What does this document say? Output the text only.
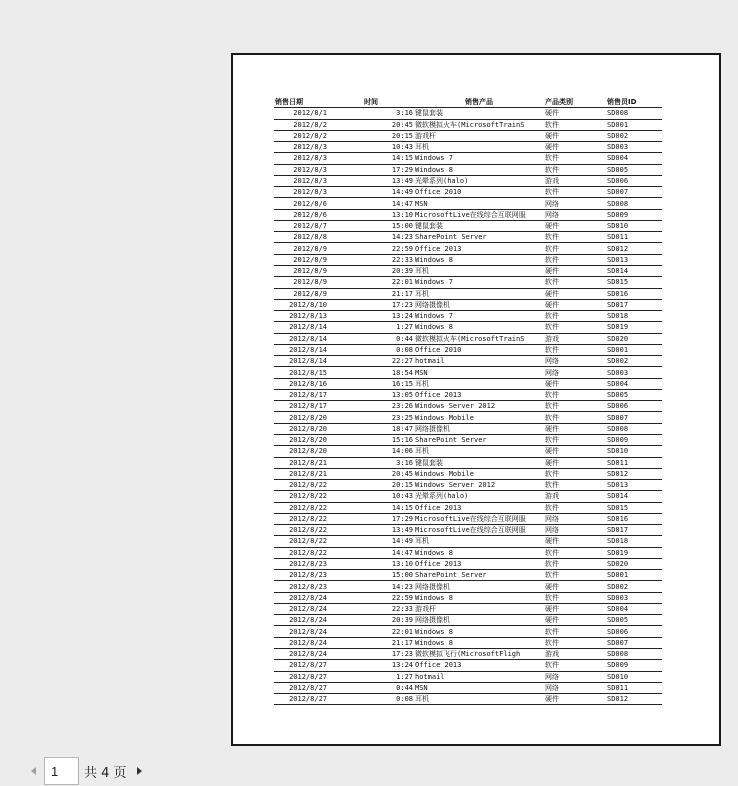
销售日期	时间	销售产品	产品类别	销售员ID
2012/8/1	3:16	键鼠套装	硬件	SD008
2012/8/2	20:45	微软模拟火车(MicrosoftTrainS	软件	SD001
2012/8/2	20:15	游戏杆	硬件	SD002
2012/8/3	10:43	耳机	硬件	SD003
2012/8/3	14:15	Windows 7	软件	SD004
2012/8/3	17:29	Windows 8	软件	SD005
2012/8/3	13:49	光晕系列(halo)	游戏	SD006
2012/8/3	14:49	Office 2010	软件	SD007
2012/8/6	14:47	MSN	网络	SD008
2012/8/6	13:10	MicrosoftLive在线综合互联网服	网络	SD009
2012/8/7	15:00	键鼠套装	硬件	SD010
2012/8/8	14:23	SharePoint Server	软件	SD011
2012/8/9	22:59	Office 2013	软件	SD012
2012/8/9	22:33	Windows 8	软件	SD013
2012/8/9	20:39	耳机	硬件	SD014
2012/8/9	22:01	Windows 7	软件	SD015
2012/8/9	21:17	耳机	硬件	SD016
2012/8/10	17:23	网络摄像机	硬件	SD017
2012/8/13	13:24	Windows 7	软件	SD018
2012/8/14	1:27	Windows 8	软件	SD019
2012/8/14	0:44	微软模拟火车(MicrosoftTrainS	游戏	SD020
2012/8/14	0:08	Office 2010	软件	SD001
2012/8/14	22:27	hotmail	网络	SD002
2012/8/15	18:54	MSN	网络	SD003
2012/8/16	16:15	耳机	硬件	SD004
2012/8/17	13:05	Office 2013	软件	SD005
2012/8/17	23:26	Windows Server 2012	软件	SD006
2012/8/20	23:25	Windows Mobile	软件	SD007
2012/8/20	18:47	网络摄像机	硬件	SD008
2012/8/20	15:16	SharePoint Server	软件	SD009
2012/8/20	14:06	耳机	硬件	SD010
2012/8/21	3:16	键鼠套装	硬件	SD011
2012/8/21	20:45	Windows Mobile	软件	SD012
2012/8/22	20:15	Windows Server 2012	软件	SD013
2012/8/22	10:43	光晕系列(halo)	游戏	SD014
2012/8/22	14:15	Office 2013	软件	SD015
2012/8/22	17:29	MicrosoftLive在线综合互联网服	网络	SD016
2012/8/22	13:49	MicrosoftLive在线综合互联网服	网络	SD017
2012/8/22	14:49	耳机	硬件	SD018
2012/8/22	14:47	Windows 8	软件	SD019
2012/8/23	13:10	Office 2013	软件	SD020
2012/8/23	15:00	SharePoint Server	软件	SD001
2012/8/23	14:23	网络摄像机	硬件	SD002
2012/8/24	22:59	Windows 8	软件	SD003
2012/8/24	22:33	游戏杆	硬件	SD004
2012/8/24	20:39	网络摄像机	硬件	SD005
2012/8/24	22:01	Windows 8	软件	SD006
2012/8/24	21:17	Windows 8	软件	SD007
2012/8/24	17:23	微软模拟飞行(MicrosoftFligh	游戏	SD008
2012/8/27	13:24	Office 2013	软件	SD009
2012/8/27	1:27	hotmail	网络	SD010
2012/8/27	0:44	MSN	网络	SD011
2012/8/27	0:08	耳机	硬件	SD012
1
共 4 页
